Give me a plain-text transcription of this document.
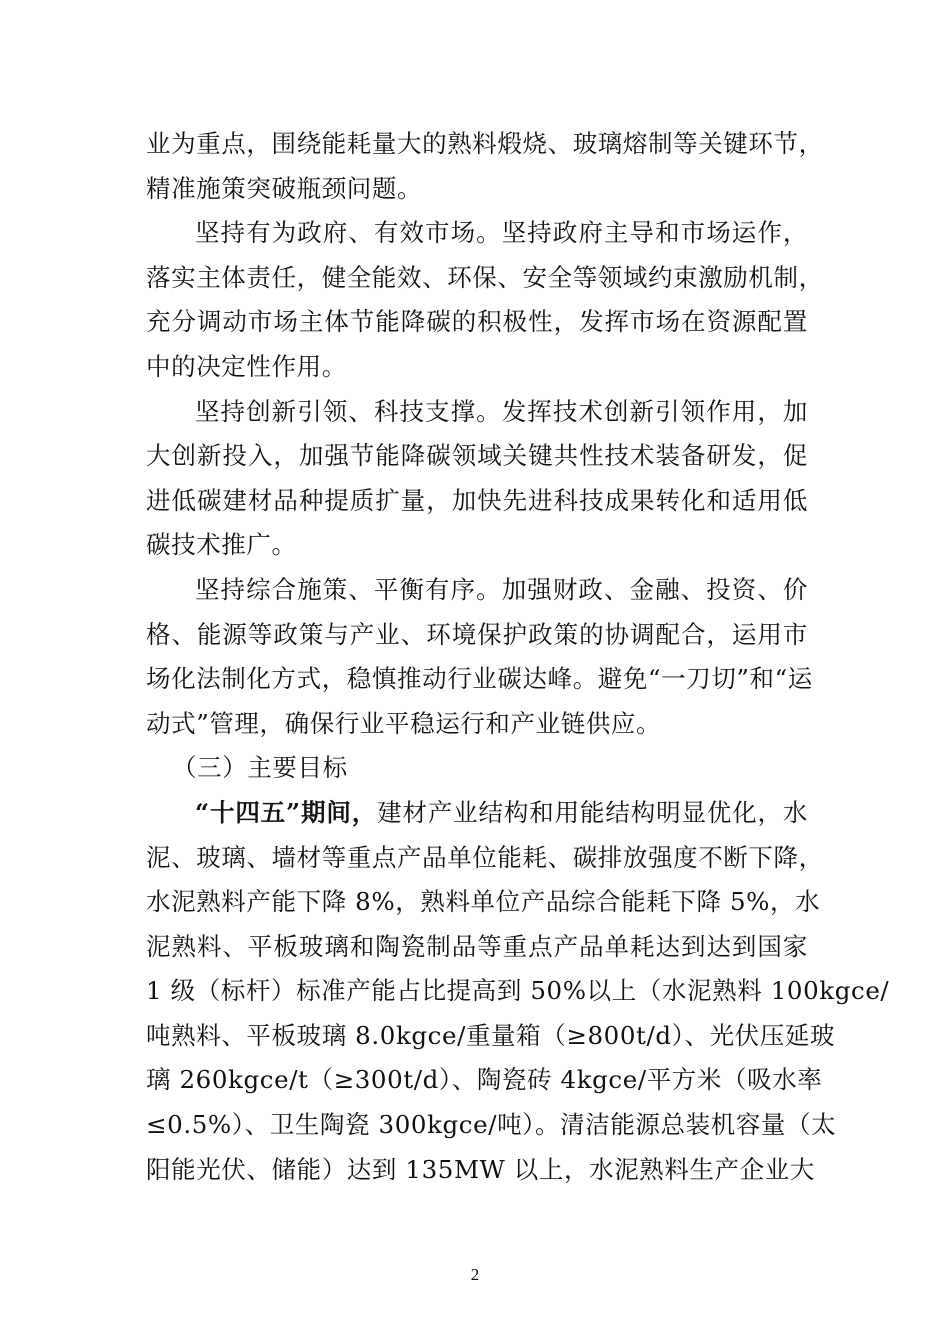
业为重点，围绕能耗量大的熟料煅烧、玻璃熔制等关键环节，
精准施策突破瓶颈问题。
坚持有为政府、有效市场。坚持政府主导和市场运作，
落实主体责任，健全能效、环保、安全等领域约束激励机制，
充分调动市场主体节能降碳的积极性，发挥市场在资源配置
中的决定性作用。
坚持创新引领、科技支撑。发挥技术创新引领作用，加
大创新投入，加强节能降碳领域关键共性技术装备研发，促
进低碳建材品种提质扩量，加快先进科技成果转化和适用低
碳技术推广。
坚持综合施策、平衡有序。加强财政、金融、投资、价
格、能源等政策与产业、环境保护政策的协调配合，运用市
场化法制化方式，稳慎推动行业碳达峰。避免“一刀切”和“运
动式”管理，确保行业平稳运行和产业链供应。
（三）主要目标
“十四五”期间，建材产业结构和用能结构明显优化，水
泥、玻璃、墙材等重点产品单位能耗、碳排放强度不断下降，
水泥熟料产能下降 8%，熟料单位产品综合能耗下降 5%，水
泥熟料、平板玻璃和陶瓷制品等重点产品单耗达到达到国家
1 级（标杆）标准产能占比提高到 50%以上（水泥熟料 100kgce/
吨熟料、平板玻璃 8.0kgce/重量箱（≥800t/d）、光伏压延玻
璃 260kgce/t（≥300t/d）、陶瓷砖 4kgce/平方米（吸水率
≤0.5%）、卫生陶瓷 300kgce/吨）。清洁能源总装机容量（太
阳能光伏、储能）达到 135MW 以上，水泥熟料生产企业大
2
